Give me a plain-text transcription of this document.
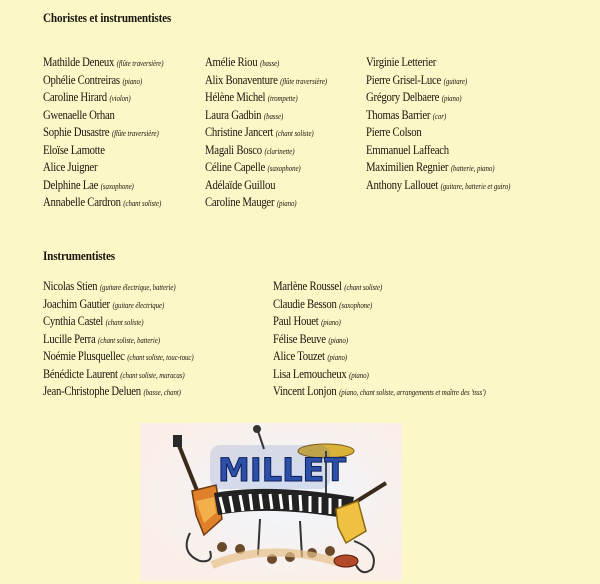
Choristes et instrumentistes
Mathilde Deneux (flûte traversière)
Ophélie Contreiras (piano)
Caroline Hirard (violon)
Gwenaelle Orhan
Sophie Dusastre (flûte traversière)
Eloïse Lamotte
Alice Juigner
Delphine Lae (saxophone)
Annabelle Cardron (chant soliste)
Amélie Riou (basse)
Alix Bonaventure (flûte traversière)
Hélène Michel (trompette)
Laura Gadbin (basse)
Christine Jancert (chant soliste)
Magali Bosco (clarinette)
Céline Capelle (saxophone)
Adélaïde Guillou
Caroline Mauger (piano)
Virginie Letterier
Pierre Grisel-Luce (guitare)
Grégory Delbaere (piano)
Thomas Barrier (cor)
Pierre Colson
Emmanuel Laffeach
Maximilien Regnier (batterie, piano)
Anthony Lallouet (guitare, batterie et guiro)
Instrumentistes
Nicolas Stien (guitare électrique, batterie)
Joachim Gautier (guitare électrique)
Cynthia Castel (chant soliste)
Lucille Perra (chant soliste, batterie)
Noémie Plusquellec (chant soliste, touc-touc)
Bénédicte Laurent (chant soliste, maracas)
Jean-Christophe Deluen (basse, chant)
Marlène Roussel (chant soliste)
Claudie Besson (saxophone)
Paul Houet (piano)
Félise Beuve (piano)
Alice Touzet (piano)
Lisa Lemoucheux (piano)
Vincent Lonjon (piano, chant soliste, arrangements et maître des 'tsss')
MILLET
